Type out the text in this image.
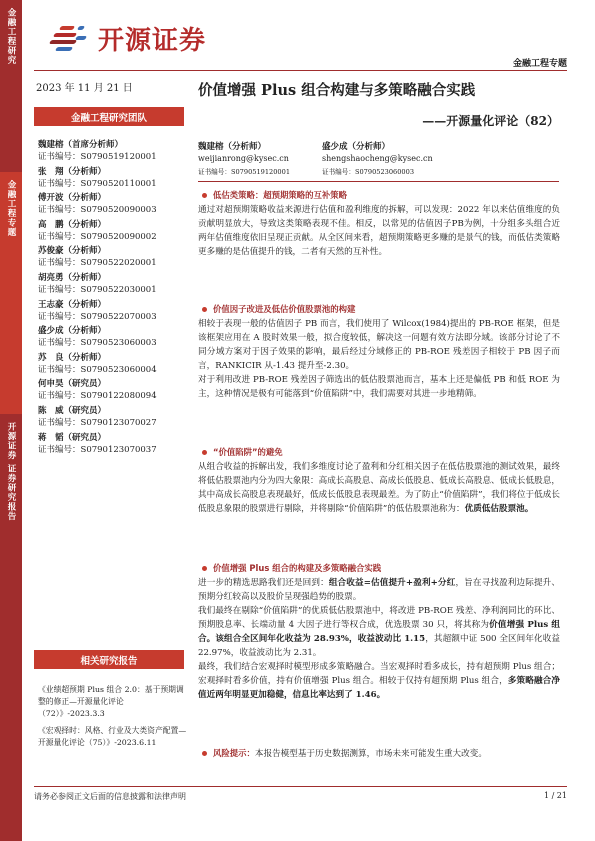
金融工程研究
金融工程专题
开源证券 证券研究报告
开源证券
金融工程专题
2023 年 11 月 21 日
金融工程研究团队
魏建榕（首席分析师）
证书编号：S0790519120001
张　翔（分析师）
证书编号：S0790520110001
傅开波（分析师）
证书编号：S0790520090003
高　鹏（分析师）
证书编号：S0790520090002
苏俊豪（分析师）
证书编号：S0790522020001
胡亮勇（分析师）
证书编号：S0790522030001
王志豪（分析师）
证书编号：S0790522070003
盛少成（分析师）
证书编号：S0790523060003
苏　良（分析师）
证书编号：S0790523060004
何申昊（研究员）
证书编号：S0790122080094
陈　威（研究员）
证书编号：S0790123070027
蒋　韬（研究员）
证书编号：S0790123070037
相关研究报告
《业绩超预期 Plus 组合 2.0：基于预期调整的修正—开源量化评论（72）》-2023.3.3
《宏观择时：风格、行业及大类资产配置—开源量化评论（75）》-2023.6.11
价值增强 Plus 组合构建与多策略融合实践
——开源量化评论（82）
魏建榕（分析师）
weijianrong@kysec.cn
证书编号：S0790519120001
盛少成（分析师）
shengshaocheng@kysec.cn
证书编号：S0790523060003
低估类策略：超预期策略的互补策略

通过对超预期策略收益来源进行估值和盈利维度的拆解，可以发现：2022 年以来估值维度的负贡献明显放大，导致这类策略表现不佳。相反，以常见的估值因子PB为例，十分组多头组合近两年估值维度依旧呈现正贡献。从全区间来看，超预期策略更多赚的是景气的钱，而低估类策略更多赚的是估值提升的钱，二者有天然的互补性。

价值因子改进及低估价值股票池的构建

相较于表现一般的估值因子 PB 而言，我们使用了 Wilcox(1984)提出的 PB-ROE 框架，但是该框架应用在 A 股时效果一般，拟合度较低，解决这一问题有效方法即分域。该部分讨论了不同分域方案对于因子效果的影响，最后经过分域修正的 PB-ROE 残差因子相较于 PB 因子而言，RANKICIR 从-1.43 提升至-2.30。

对于利用改进 PB-ROE 残差因子筛选出的低估股票池而言，基本上还是偏低 PB 和低 ROE 为主，这种情况是极有可能落到“价值陷阱”中，我们需要对其进一步地精筛。

“价值陷阱”的避免

从组合收益的拆解出发，我们多维度讨论了盈利和分红相关因子在低估股票池的测试效果，最终将低估股票池内分为四大象限：高成长高股息、高成长低股息、低成长高股息、低成长低股息，其中高成长高股息表现最好，低成长低股息表现最差。为了防止“价值陷阱”，我们将位于低成长低股息象限的股票进行剔除，并将剔除“价值陷阱”的低估股票池称为：优质低估股票池。

价值增强 Plus 组合的构建及多策略融合实践

进一步的精选思路我们还是回到：组合收益=估值提升+盈利+分红，旨在寻找盈利边际提升、预期分红较高以及股价呈现强趋势的股票。

我们最终在剔除“价值陷阱”的优质低估股票池中，将改进 PB-ROE 残差、净利润同比的环比、预期股息率、长端动量 4 大因子进行等权合成，优选股票 30 只，将其称为价值增强 Plus 组合。该组合全区间年化收益为 28.93%，收益波动比 1.15，其超额中证 500 全区间年化收益 22.97%，收益波动比为 2.31。

最终，我们结合宏观择时模型形成多策略融合。当宏观择时看多成长，持有超预期 Plus 组合；宏观择时看多价值，持有价值增强 Plus 组合。相较于仅持有超预期 Plus 组合，多策略融合净值近两年明显更加稳健，信息比率达到了 1.46。

风险提示：本报告模型基于历史数据测算，市场未来可能发生重大改变。
请务必参阅正文后面的信息披露和法律声明	1 / 21
